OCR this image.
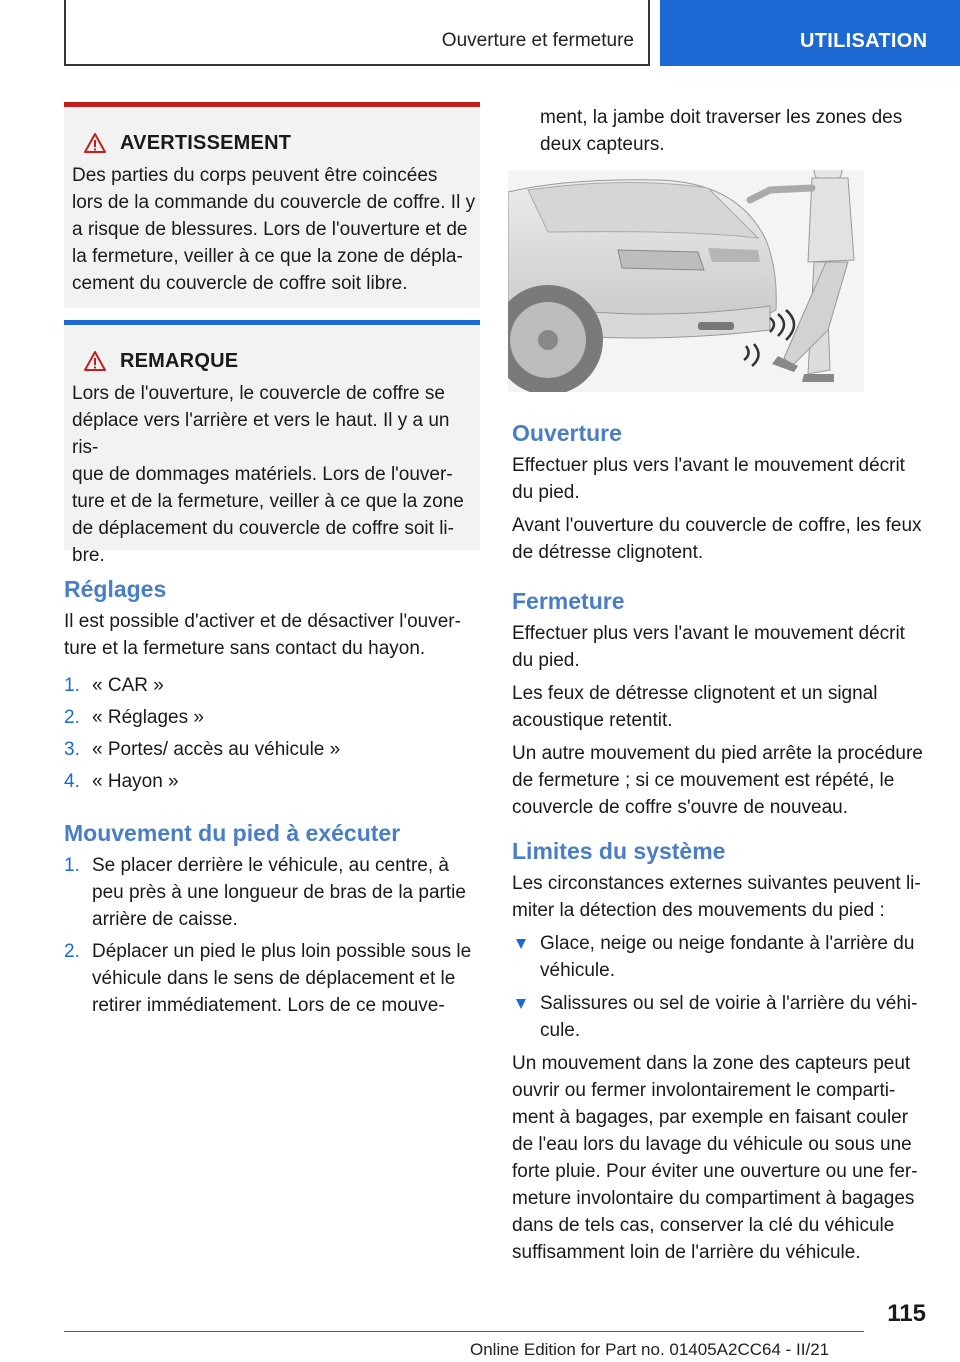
Ouverture et fermeture	UTILISATION
AVERTISSEMENT
Des parties du corps peuvent être coincées
lors de la commande du couvercle de coffre. Il y
a risque de blessures. Lors de l'ouverture et de
la fermeture, veiller à ce que la zone de dépla-
cement du couvercle de coffre soit libre.
REMARQUE
Lors de l'ouverture, le couvercle de coffre se
déplace vers l'arrière et vers le haut. Il y a un ris-
que de dommages matériels. Lors de l'ouver-
ture et de la fermeture, veiller à ce que la zone
de déplacement du couvercle de coffre soit li-
bre.
Réglages
Il est possible d'activer et de désactiver l'ouver-
ture et la fermeture sans contact du hayon.
1. « CAR »
2. « Réglages »
3. « Portes/ accès au véhicule »
4. « Hayon »
Mouvement du pied à exécuter
1. Se placer derrière le véhicule, au centre, à
peu près à une longueur de bras de la partie
arrière de caisse.
2. Déplacer un pied le plus loin possible sous le
véhicule dans le sens de déplacement et le
retirer immédiatement. Lors de ce mouve-
ment, la jambe doit traverser les zones des
deux capteurs.
Ouverture
Effectuer plus vers l'avant le mouvement décrit
du pied.
Avant l'ouverture du couvercle de coffre, les feux
de détresse clignotent.
Fermeture
Effectuer plus vers l'avant le mouvement décrit
du pied.
Les feux de détresse clignotent et un signal
acoustique retentit.
Un autre mouvement du pied arrête la procédure
de fermeture ; si ce mouvement est répété, le
couvercle de coffre s'ouvre de nouveau.
Limites du système
Les circonstances externes suivantes peuvent li-
miter la détection des mouvements du pied :
Glace, neige ou neige fondante à l'arrière du
véhicule.
Salissures ou sel de voirie à l'arrière du véhi-
cule.
Un mouvement dans la zone des capteurs peut
ouvrir ou fermer involontairement le comparti-
ment à bagages, par exemple en faisant couler
de l'eau lors du lavage du véhicule ou sous une
forte pluie. Pour éviter une ouverture ou une fer-
meture involontaire du compartiment à bagages
dans de tels cas, conserver la clé du véhicule
suffisamment loin de l'arrière du véhicule.
115
Online Edition for Part no. 01405A2CC64 - II/21
